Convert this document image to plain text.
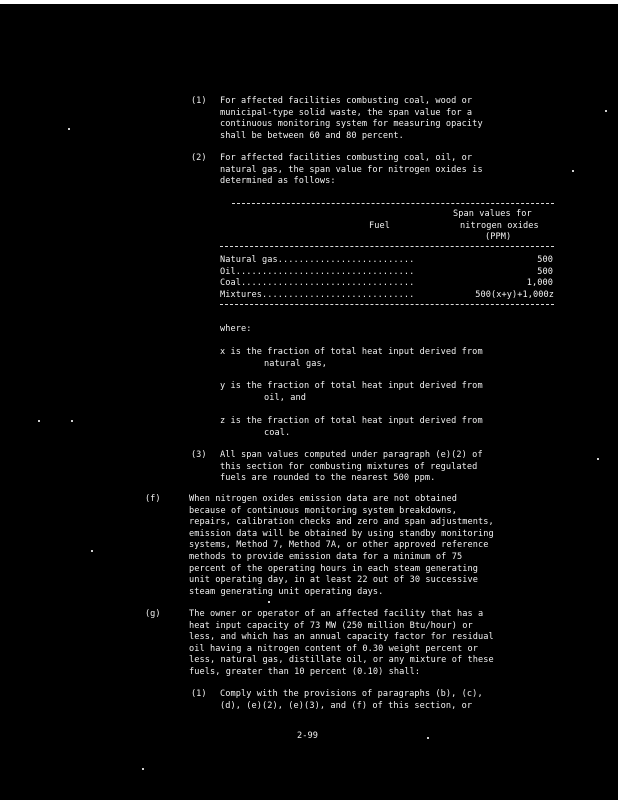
(1) For affected facilities combusting coal, wood or
municipal-type solid waste, the span value for a
continuous monitoring system for measuring opacity
shall be between 60 and 80 percent.
(2) For affected facilities combusting coal, oil, or
natural gas, the span value for nitrogen oxides is
determined as follows:
Span values for
nitrogen oxides
(PPM)
Fuel
Natural gas..........................	500
Oil..................................	500
Coal.................................	1,000
Mixtures.............................	500(x+y)+1,000z
where:
x is the fraction of total heat input derived from
natural gas,
y is the fraction of total heat input derived from
oil, and
z is the fraction of total heat input derived from
coal.
(3) All span values computed under paragraph (e)(2) of
this section for combusting mixtures of regulated
fuels are rounded to the nearest 500 ppm.
(f)	When nitrogen oxides emission data are not obtained
because of continuous monitoring system breakdowns,
repairs, calibration checks and zero and span adjustments,
emission data will be obtained by using standby monitoring
systems, Method 7, Method 7A, or other approved reference
methods to provide emission data for a minimum of 75
percent of the operating hours in each steam generating
unit operating day, in at least 22 out of 30 successive
steam generating unit operating days.
(g)	The owner or operator of an affected facility that has a
heat input capacity of 73 MW (250 million Btu/hour) or
less, and which has an annual capacity factor for residual
oil having a nitrogen content of 0.30 weight percent or
less, natural gas, distillate oil, or any mixture of these
fuels, greater than 10 percent (0.10) shall:
(1) Comply with the provisions of paragraphs (b), (c),
(d), (e)(2), (e)(3), and (f) of this section, or
2-99
